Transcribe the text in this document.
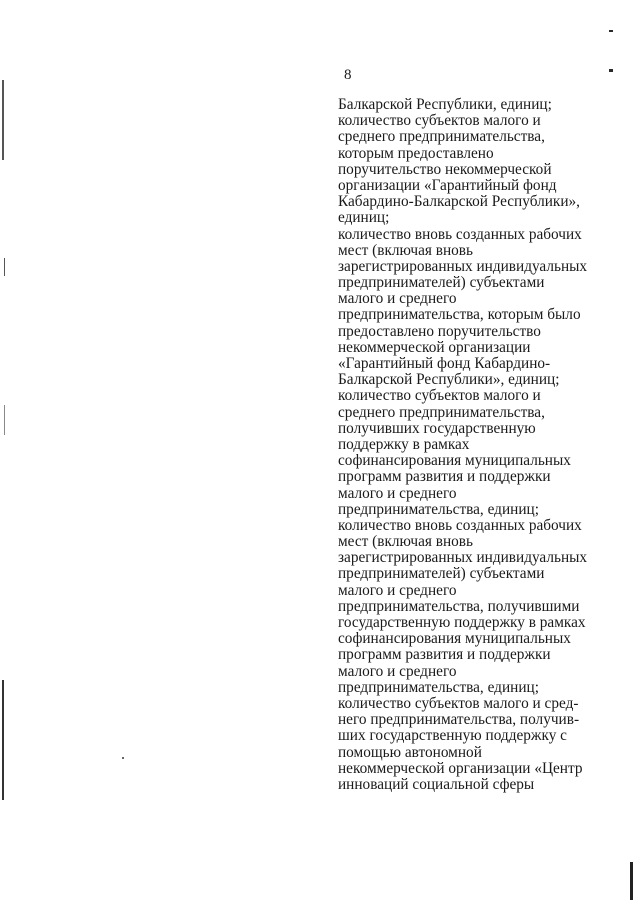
8
Балкарской Республики, единиц;
количество субъектов малого и
среднего предпринимательства,
которым предоставлено
поручительство некоммерческой
организации «Гарантийный фонд
Кабардино-Балкарской Республики»,
единиц;
количество вновь созданных рабочих
мест (включая вновь
зарегистрированных индивидуальных
предпринимателей) субъектами
малого и среднего
предпринимательства, которым было
предоставлено поручительство
некоммерческой организации
«Гарантийный фонд Кабардино-
Балкарской Республики», единиц;
количество субъектов малого и
среднего предпринимательства,
получивших государственную
поддержку в рамках
софинансирования муниципальных
программ развития и поддержки
малого и среднего
предпринимательства, единиц;
количество вновь созданных рабочих
мест (включая вновь
зарегистрированных индивидуальных
предпринимателей) субъектами
малого и среднего
предпринимательства, получившими
государственную поддержку в рамках
софинансирования муниципальных
программ развития и поддержки
малого и среднего
предпринимательства, единиц;
количество субъектов малого и сред-
него предпринимательства, получив-
ших государственную поддержку с
помощью автономной
некоммерческой организации «Центр
инноваций социальной сферы
